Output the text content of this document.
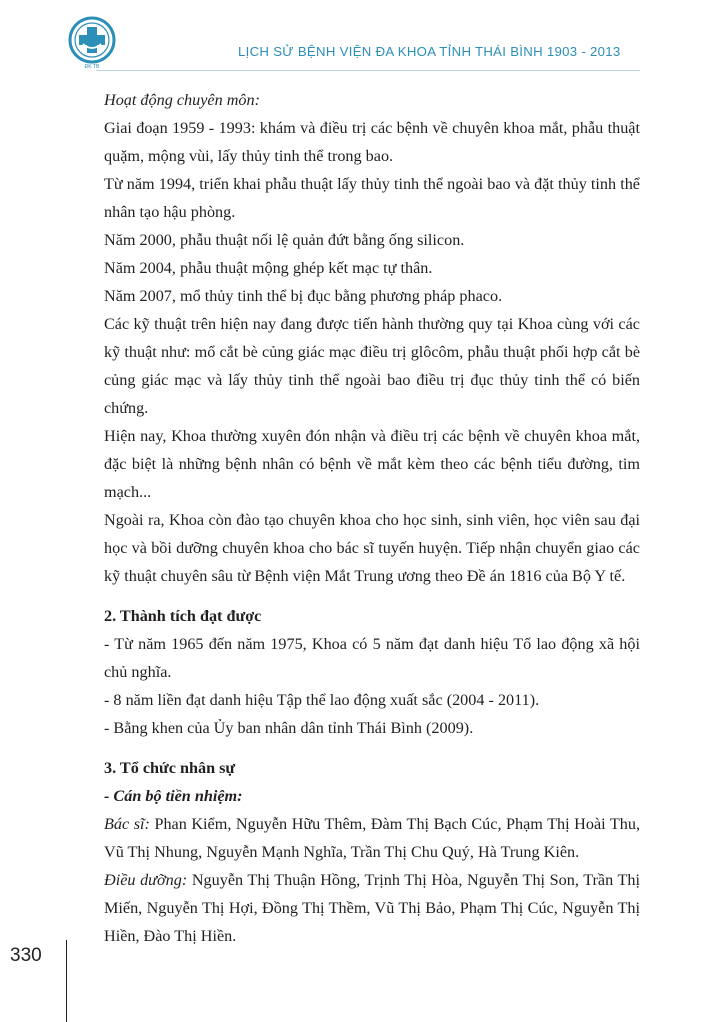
ĐK TB
LỊCH SỬ BỆNH VIỆN ĐA KHOA TỈNH THÁI BÌNH 1903 - 2013

Hoạt động chuyên môn:

Giai đoạn 1959 - 1993: khám và điều trị các bệnh về chuyên khoa mắt, phẫu thuật quặm, mộng vùi, lấy thủy tinh thể trong bao.

Từ năm 1994, triển khai phẫu thuật lấy thủy tinh thể ngoài bao và đặt thủy tinh thể nhân tạo hậu phòng.

Năm 2000, phẫu thuật nối lệ quản đứt bằng ống silicon.

Năm 2004, phẫu thuật mộng ghép kết mạc tự thân.

Năm 2007, mổ thủy tinh thể bị đục bằng phương pháp phaco.

Các kỹ thuật trên hiện nay đang được tiến hành thường quy tại Khoa cùng với các kỹ thuật như: mổ cắt bè củng giác mạc điều trị glôcôm, phẫu thuật phối hợp cắt bè củng giác mạc và lấy thủy tinh thể ngoài bao điều trị đục thủy tinh thể có biến chứng.

Hiện nay, Khoa thường xuyên đón nhận và điều trị các bệnh về chuyên khoa mắt, đặc biệt là những bệnh nhân có bệnh về mắt kèm theo các bệnh tiểu đường, tim mạch...

Ngoài ra, Khoa còn đào tạo chuyên khoa cho học sinh, sinh viên, học viên sau đại học và bồi dưỡng chuyên khoa cho bác sĩ tuyến huyện. Tiếp nhận chuyển giao các kỹ thuật chuyên sâu từ Bệnh viện Mắt Trung ương theo Đề án 1816 của Bộ Y tế.

2. Thành tích đạt được

- Từ năm 1965 đến năm 1975, Khoa có 5 năm đạt danh hiệu Tổ lao động xã hội chủ nghĩa.

- 8 năm liền đạt danh hiệu Tập thể lao động xuất sắc (2004 - 2011).

- Bằng khen của Ủy ban nhân dân tỉnh Thái Bình (2009).

3. Tổ chức nhân sự

- Cán bộ tiền nhiệm:

Bác sĩ: Phan Kiểm, Nguyễn Hữu Thêm, Đàm Thị Bạch Cúc, Phạm Thị Hoài Thu, Vũ Thị Nhung, Nguyễn Mạnh Nghĩa, Trần Thị Chu Quý, Hà Trung Kiên.

Điều dưỡng: Nguyễn Thị Thuận Hồng, Trịnh Thị Hòa, Nguyễn Thị Son, Trần Thị Miến, Nguyễn Thị Hợi, Đồng Thị Thềm, Vũ Thị Bảo, Phạm Thị Cúc, Nguyễn Thị Hiền, Đào Thị Hiền.

330
